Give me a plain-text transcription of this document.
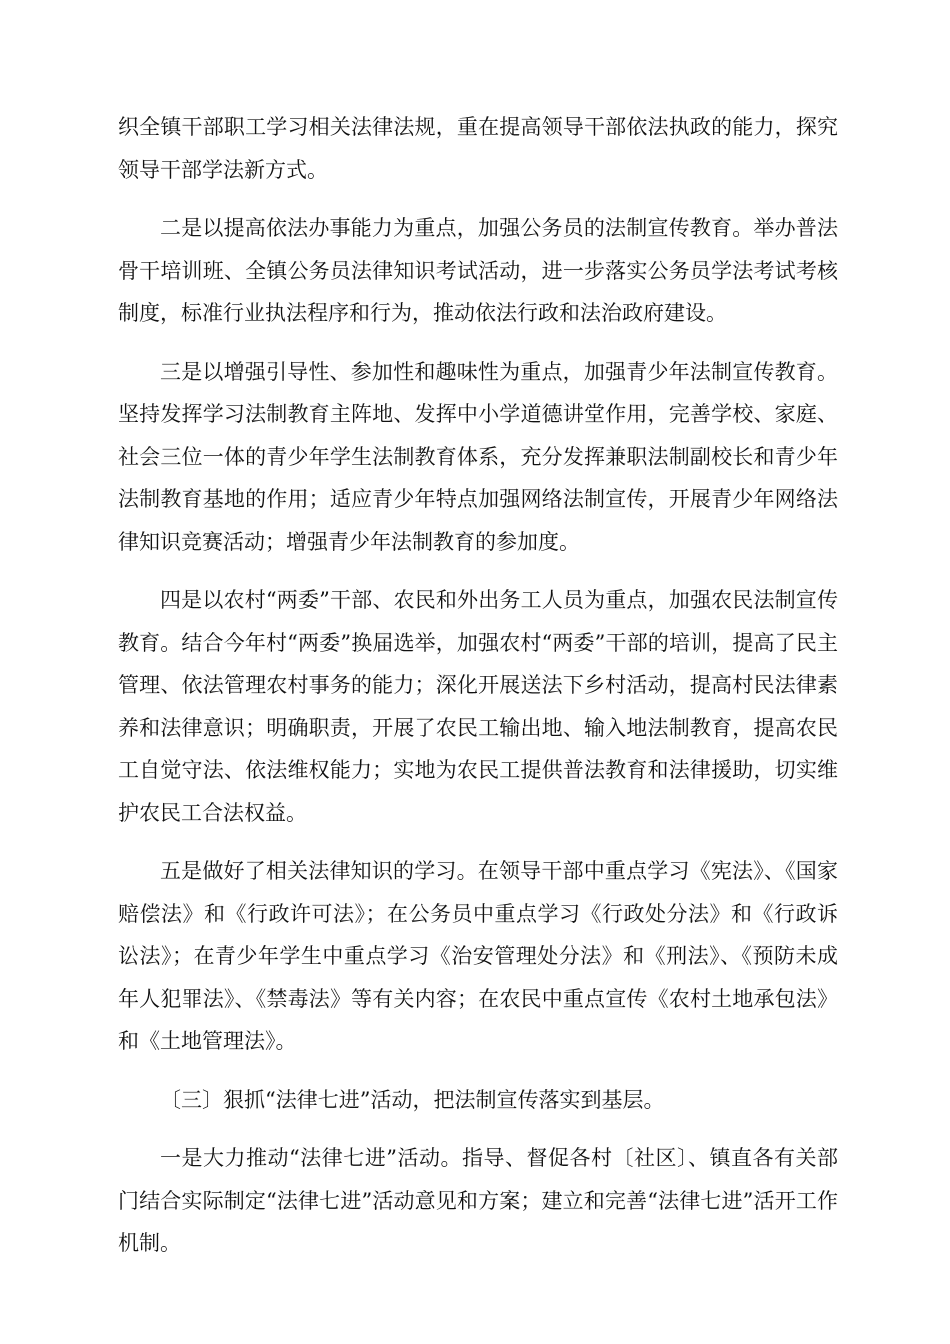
织全镇干部职工学习相关法律法规，重在提高领导干部依法执政的能力，探究领导干部学法新方式。

二是以提高依法办事能力为重点，加强公务员的法制宣传教育。举办普法骨干培训班、全镇公务员法律知识考试活动，进一步落实公务员学法考试考核制度，标准行业执法程序和行为，推动依法行政和法治政府建设。

三是以增强引导性、参加性和趣味性为重点，加强青少年法制宣传教育。坚持发挥学习法制教育主阵地、发挥中小学道德讲堂作用，完善学校、家庭、社会三位一体的青少年学生法制教育体系，充分发挥兼职法制副校长和青少年法制教育基地的作用；适应青少年特点加强网络法制宣传，开展青少年网络法律知识竞赛活动；增强青少年法制教育的参加度。

四是以农村“两委”干部、农民和外出务工人员为重点，加强农民法制宣传教育。结合今年村“两委”换届选举，加强农村“两委”干部的培训，提高了民主管理、依法管理农村事务的能力；深化开展送法下乡村活动，提高村民法律素养和法律意识；明确职责，开展了农民工输出地、输入地法制教育，提高农民工自觉守法、依法维权能力；实地为农民工提供普法教育和法律援助，切实维护农民工合法权益。

五是做好了相关法律知识的学习。在领导干部中重点学习《宪法》、《国家赔偿法》和《行政许可法》；在公务员中重点学习《行政处分法》和《行政诉讼法》；在青少年学生中重点学习《治安管理处分法》和《刑法》、《预防未成年人犯罪法》、《禁毒法》等有关内容；在农民中重点宣传《农村土地承包法》和《土地管理法》。

〔三〕狠抓“法律七进”活动，把法制宣传落实到基层。

一是大力推动“法律七进”活动。指导、督促各村〔社区〕、镇直各有关部门结合实际制定“法律七进”活动意见和方案；建立和完善“法律七进”活开工作机制。
